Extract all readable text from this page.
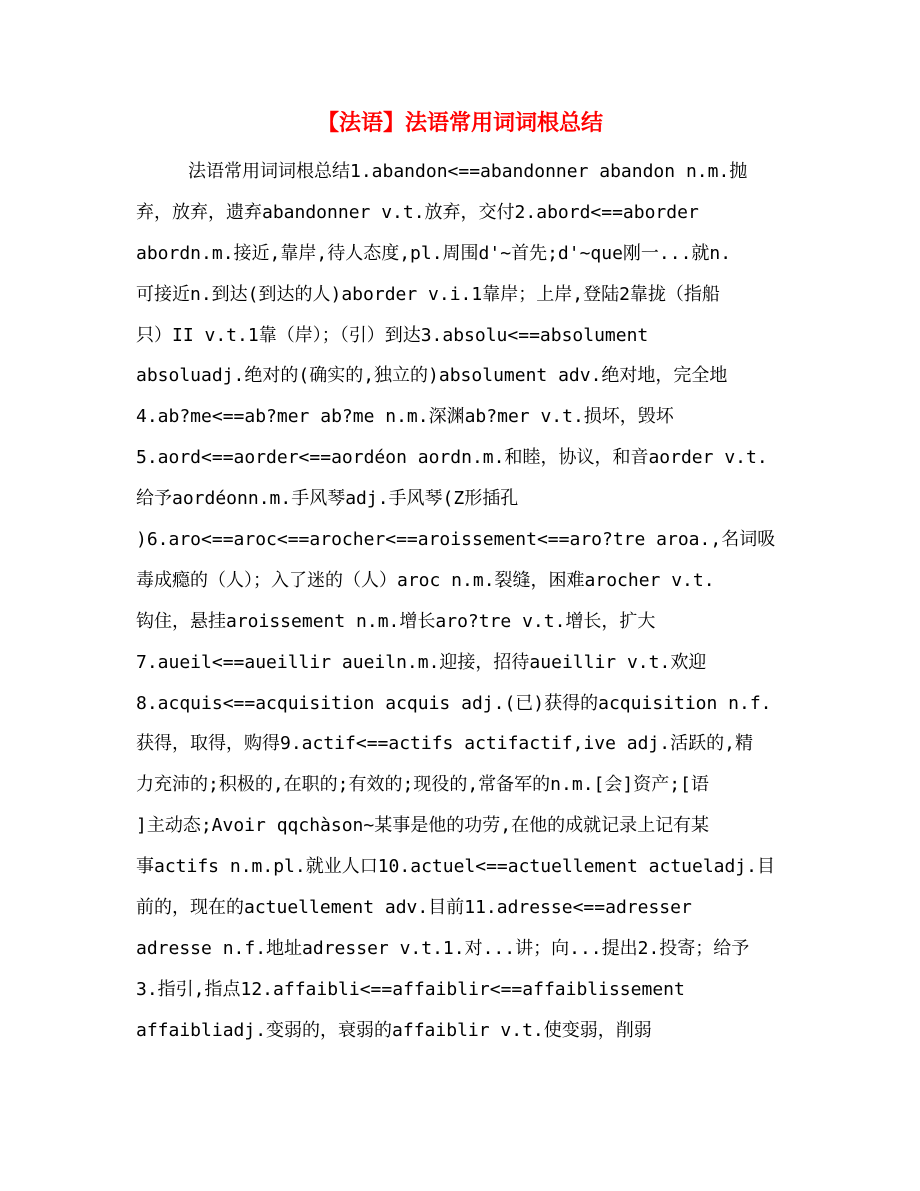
【法语】法语常用词词根总结
法语常用词词根总结1.abandon<==abandonner abandon n.m.抛
弃，放弃，遗弃abandonner v.t.放弃，交付2.abord<==aborder
abordn.m.接近,靠岸,待人态度,pl.周围d'~首先;d'~que刚一...就n.
可接近n.到达(到达的人)aborder v.i.1靠岸；上岸,登陆2靠拢（指船
只）II v.t.1靠（岸）；（引）到达3.absolu<==absolument
absoluadj.绝对的(确实的,独立的)absolument adv.绝对地，完全地
4.ab?me<==ab?mer ab?me n.m.深渊ab?mer v.t.损坏，毁坏
5.aord<==aorder<==aordéon aordn.m.和睦，协议，和音aorder v.t.
给予aordéonn.m.手风琴adj.手风琴(Z形插孔
)6.aro<==aroc<==arocher<==aroissement<==aro?tre aroa.,名词吸
毒成瘾的（人）；入了迷的（人）aroc n.m.裂缝，困难arocher v.t.
钩住，悬挂aroissement n.m.增长aro?tre v.t.增长，扩大
7.aueil<==aueillir aueiln.m.迎接，招待aueillir v.t.欢迎
8.acquis<==acquisition acquis adj.(已)获得的acquisition n.f.
获得，取得，购得9.actif<==actifs actifactif,ive adj.活跃的,精
力充沛的;积极的,在职的;有效的;现役的,常备军的n.m.[会]资产;[语
]主动态;Avoir qqchàson~某事是他的功劳,在他的成就记录上记有某
事actifs n.m.pl.就业人口10.actuel<==actuellement actueladj.目
前的，现在的actuellement adv.目前11.adresse<==adresser
adresse n.f.地址adresser v.t.1.对...讲；向...提出2.投寄；给予
3.指引,指点12.affaibli<==affaiblir<==affaiblissement
affaibliadj.变弱的，衰弱的affaiblir v.t.使变弱，削弱
